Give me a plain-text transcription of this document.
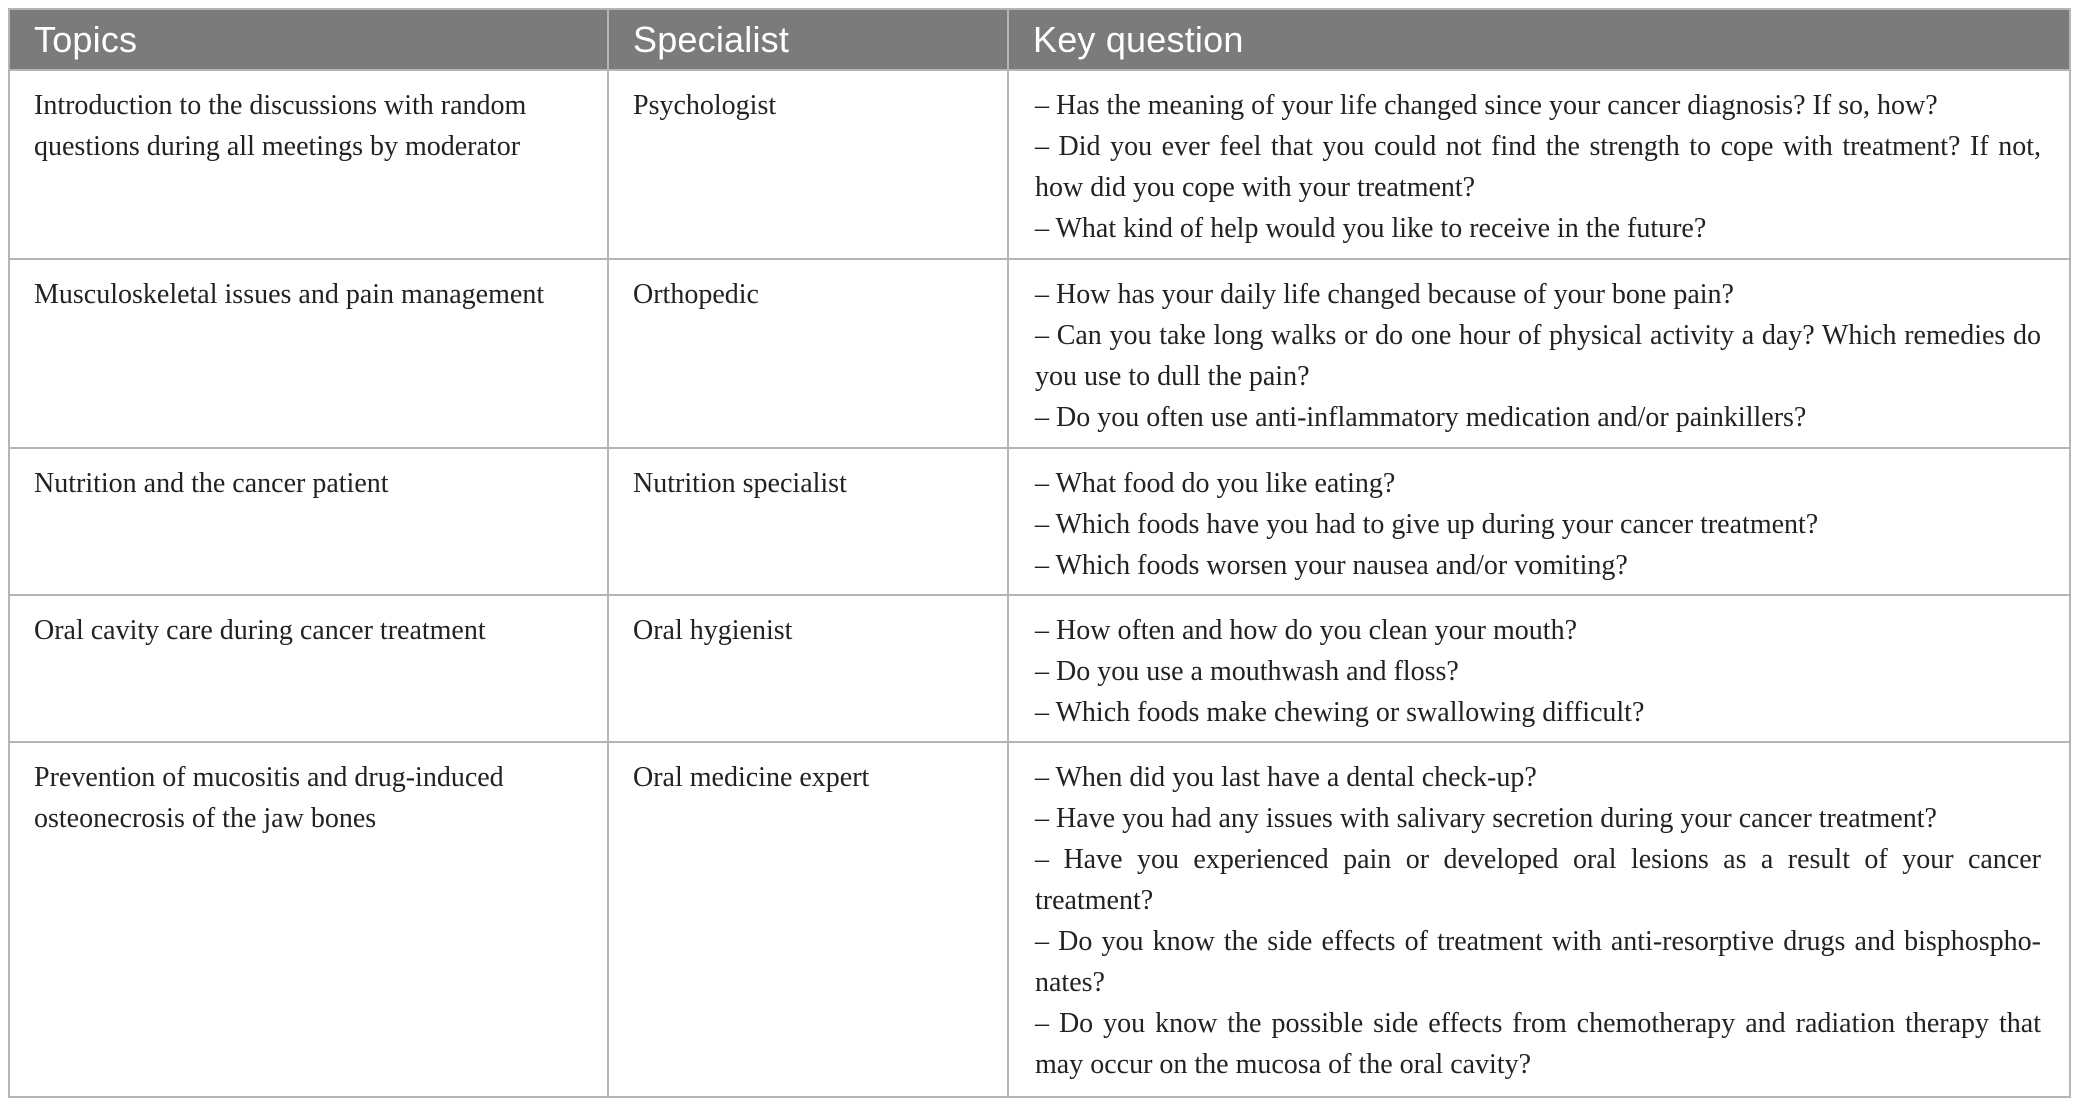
Topics	Specialist	Key question
Introduction to the discussions with random questions during all meetings by moderator	Psychologist	– Has the meaning of your life changed since your cancer diagnosis? If so, how?
– Did you ever feel that you could not find the strength to cope with treatment? If not, how did you cope with your treatment?
– What kind of help would you like to receive in the future?

Musculoskeletal issues and pain management	Orthopedic	– How has your daily life changed because of your bone pain?
– Can you take long walks or do one hour of physical activity a day? Which remedies do you use to dull the pain?
– Do you often use anti-inflammatory medication and/or painkillers?

Nutrition and the cancer patient	Nutrition specialist	– What food do you like eating?
– Which foods have you had to give up during your cancer treatment?
– Which foods worsen your nausea and/or vomiting?

Oral cavity care during cancer treatment	Oral hygienist	– How often and how do you clean your mouth?
– Do you use a mouthwash and floss?
– Which foods make chewing or swallowing difficult?

Prevention of mucositis and drug-induced osteonecrosis of the jaw bones	Oral medicine expert	– When did you last have a dental check-up?
– Have you had any issues with salivary secretion during your cancer treatment?
– Have you experienced pain or developed oral lesions as a result of your cancer treatment?
– Do you know the side effects of treatment with anti-resorptive drugs and bisphospho-nates?
– Do you know the possible side effects from chemotherapy and radiation therapy that may occur on the mucosa of the oral cavity?
